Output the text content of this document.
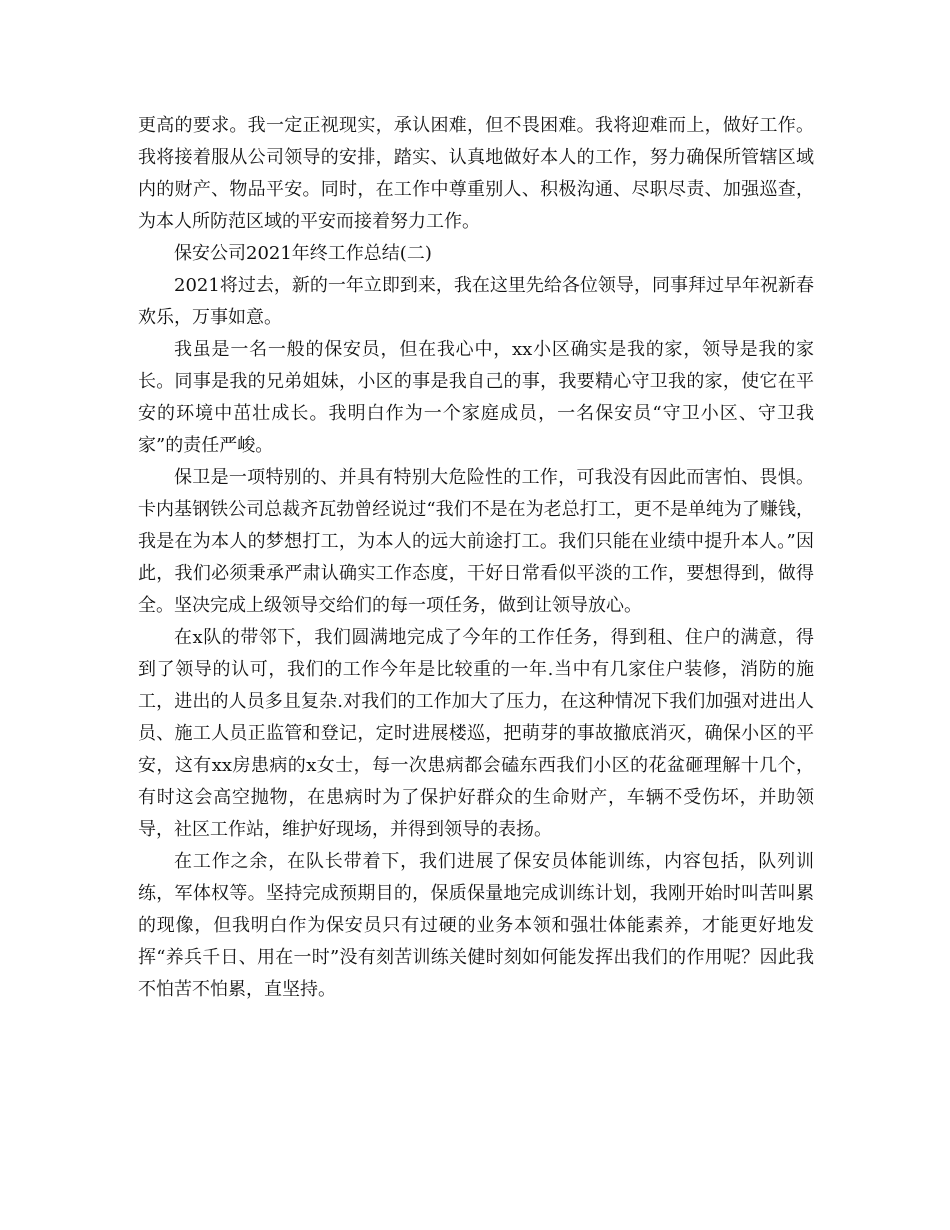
更高的要求。我一定正视现实，承认困难，但不畏困难。我将迎难而上，做好工作。我将接着服从公司领导的安排，踏实、认真地做好本人的工作，努力确保所管辖区域内的财产、物品平安。同时，在工作中尊重别人、积极沟通、尽职尽责、加强巡查，为本人所防范区域的平安而接着努力工作。

保安公司2021年终工作总结(二)

2021将过去，新的一年立即到来，我在这里先给各位领导，同事拜过早年祝新春欢乐，万事如意。

我虽是一名一般的保安员，但在我心中，xx小区确实是我的家，领导是我的家长。同事是我的兄弟姐妹，小区的事是我自己的事，我要精心守卫我的家，使它在平安的环境中茁壮成长。我明白作为一个家庭成员，一名保安员“守卫小区、守卫我家”的责任严峻。

保卫是一项特别的、并具有特别大危险性的工作，可我没有因此而害怕、畏惧。卡内基钢铁公司总裁齐瓦勃曾经说过“我们不是在为老总打工，更不是单纯为了赚钱，我是在为本人的梦想打工，为本人的远大前途打工。我们只能在业绩中提升本人。”因此，我们必须秉承严肃认确实工作态度，干好日常看似平淡的工作，要想得到，做得全。坚决完成上级领导交给们的每一项任务，做到让领导放心。

在x队的带邻下，我们圆满地完成了今年的工作任务，得到租、住户的满意，得到了领导的认可，我们的工作今年是比较重的一年.当中有几家住户装修，消防的施工，进出的人员多且复杂.对我们的工作加大了压力，在这种情况下我们加强对进出人员、施工人员正监管和登记，定时进展楼巡，把萌芽的事故撤底消灭，确保小区的平安，这有xx房患病的x女士，每一次患病都会磕东西我们小区的花盆砸理解十几个，有时这会高空抛物，在患病时为了保护好群众的生命财产，车辆不受伤坏，并助领导，社区工作站，维护好现场，并得到领导的表扬。

在工作之余，在队长带着下，我们进展了保安员体能训练，内容包括，队列训练，军体权等。坚持完成预期目的，保质保量地完成训练计划，我刚开始时叫苦叫累的现像，但我明白作为保安员只有过硬的业务本领和强壮体能素养，才能更好地发挥“养兵千日、用在一时”没有刻苦训练关健时刻如何能发挥出我们的作用呢？因此我不怕苦不怕累，直坚持。
